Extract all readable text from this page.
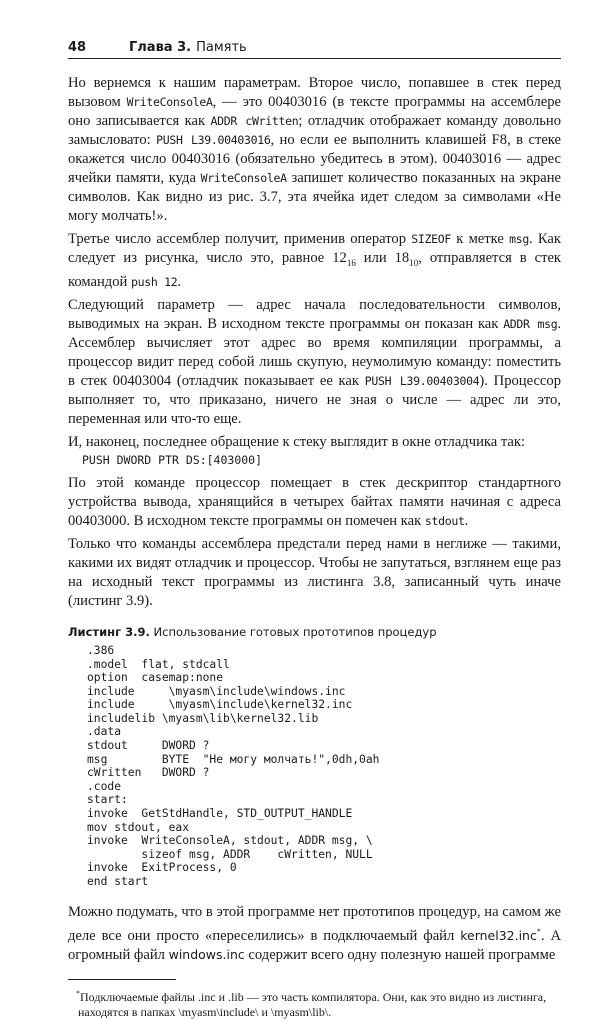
48	Глава 3. Память

Но вернемся к нашим параметрам. Второе число, попавшее в стек перед вызовом WriteConsoleA, — это 00403016 (в тексте программы на ассемблере оно записывается как ADDR cWritten; отладчик отображает команду довольно замысловато: PUSH L39.00403016, но если ее выполнить клавишей F8, в стеке окажется число 00403016 (обязательно убедитесь в этом). 00403016 — адрес ячейки памяти, куда WriteConsoleA запишет количество показанных на экране символов. Как видно из рис. 3.7, эта ячейка идет следом за символами «Не могу молчать!».

Третье число ассемблер получит, применив оператор SIZEOF к метке msg. Как следует из рисунка, число это, равное $12_{16}$ или $18_{10}$, отправляется в стек командой push 12.

Следующий параметр — адрес начала последовательности символов, выводимых на экран. В исходном тексте программы он показан как ADDR msg. Ассемблер вычисляет этот адрес во время компиляции программы, а процессор видит перед собой лишь скупую, неумолимую команду: поместить в стек 00403004 (отладчик показывает ее как PUSH L39.00403004). Процессор выполняет то, что приказано, ничего не зная о числе — адрес ли это, переменная или что-то еще.

И, наконец, последнее обращение к стеку выглядит в окне отладчика так:

PUSH DWORD PTR DS:[403000]

По этой команде процессор помещает в стек дескриптор стандартного устройства вывода, хранящийся в четырех байтах памяти начиная с адреса 00403000. В исходном тексте программы он помечен как stdout.

Только что команды ассемблера предстали перед нами в неглиже — такими, какими их видят отладчик и процессор. Чтобы не запутаться, взглянем еще раз на исходный текст программы из листинга 3.8, записанный чуть иначе (листинг 3.9).

Листинг 3.9. Использование готовых прототипов процедур
.386
.model  flat, stdcall
option  casemap:none
include     \myasm\include\windows.inc
include     \myasm\include\kernel32.inc
includelib \myasm\lib\kernel32.lib
.data
stdout     DWORD ?
msg        BYTE  "Не могу молчать!",0dh,0ah
cWritten   DWORD ?
.code
start:
invoke  GetStdHandle, STD_OUTPUT_HANDLE
mov stdout, eax
invoke  WriteConsoleA, stdout, ADDR msg, \
sizeof msg, ADDR    cWritten, NULL
invoke  ExitProcess, 0
end start

Можно подумать, что в этой программе нет прототипов процедур, на самом же деле все они просто «переселились» в подключаемый файл kernel32.inc*. А огромный файл windows.inc содержит всего одну полезную нашей программе

*Подключаемые файлы .inc и .lib — это часть компилятора. Они, как это видно из листинга, находятся в папках \myasm\include\ и \myasm\lib\.
